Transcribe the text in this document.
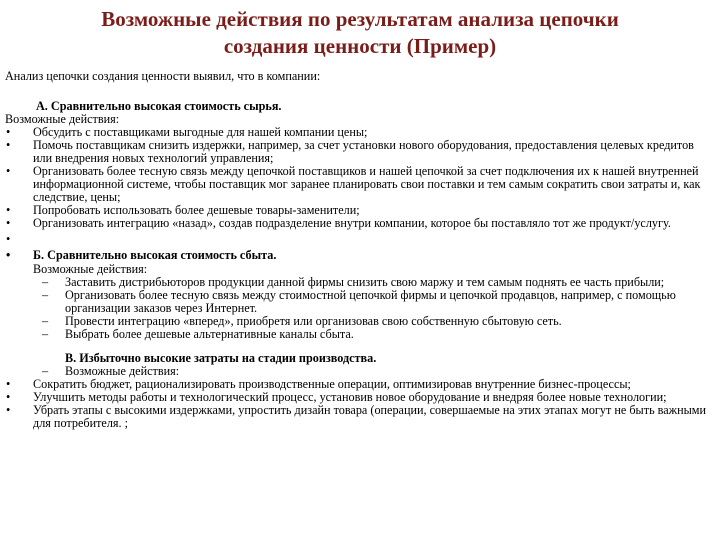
Возможные действия по результатам анализа цепочки
создания ценности (Пример)

Анализ цепочки создания ценности выявил, что в компании:

А. Сравнительно высокая стоимость сырья.

Возможные действия:

• Обсудить с поставщиками выгодные для нашей компании цены;
• Помочь поставщикам снизить издержки, например, за счет установки нового оборудования, предоставления целевых кредитов или внедрения новых технологий управления;
• Организовать более тесную связь между цепочкой поставщиков и нашей цепочкой за счет подключения их к нашей внутренней информационной системе, чтобы поставщик мог заранее планировать свои поставки и тем самым сократить свои затраты и, как следствие, цены;
• Попробовать использовать более дешевые товары-заменители;
• Организовать интеграцию «назад», создав подразделение внутри компании, которое бы поставляло тот же продукт/услугу.
•

• Б. Сравнительно высокая стоимость сбыта.
Возможные действия:
– Заставить дистрибьюторов продукции данной фирмы снизить свою маржу и тем самым поднять ее часть прибыли;
– Организовать более тесную связь между стоимостной цепочкой фирмы и цепочкой продавцов, например, с помощью организации заказов через Интернет.
– Провести интеграцию «вперед», приобретя или организовав свою собственную сбытовую сеть.
– Выбрать более дешевые альтернативные каналы сбыта.

В. Избыточно высокие затраты на стадии производства.

– Возможные действия:
• Сократить бюджет, рационализировать производственные операции, оптимизировав внутренние бизнес-процессы;
• Улучшить методы работы и технологический процесс, установив новое оборудование и внедряя более новые технологии;
• Убрать этапы с высокими издержками, упростить дизайн товара (операции, совершаемые на этих этапах могут не быть важными для потребителя. ;
